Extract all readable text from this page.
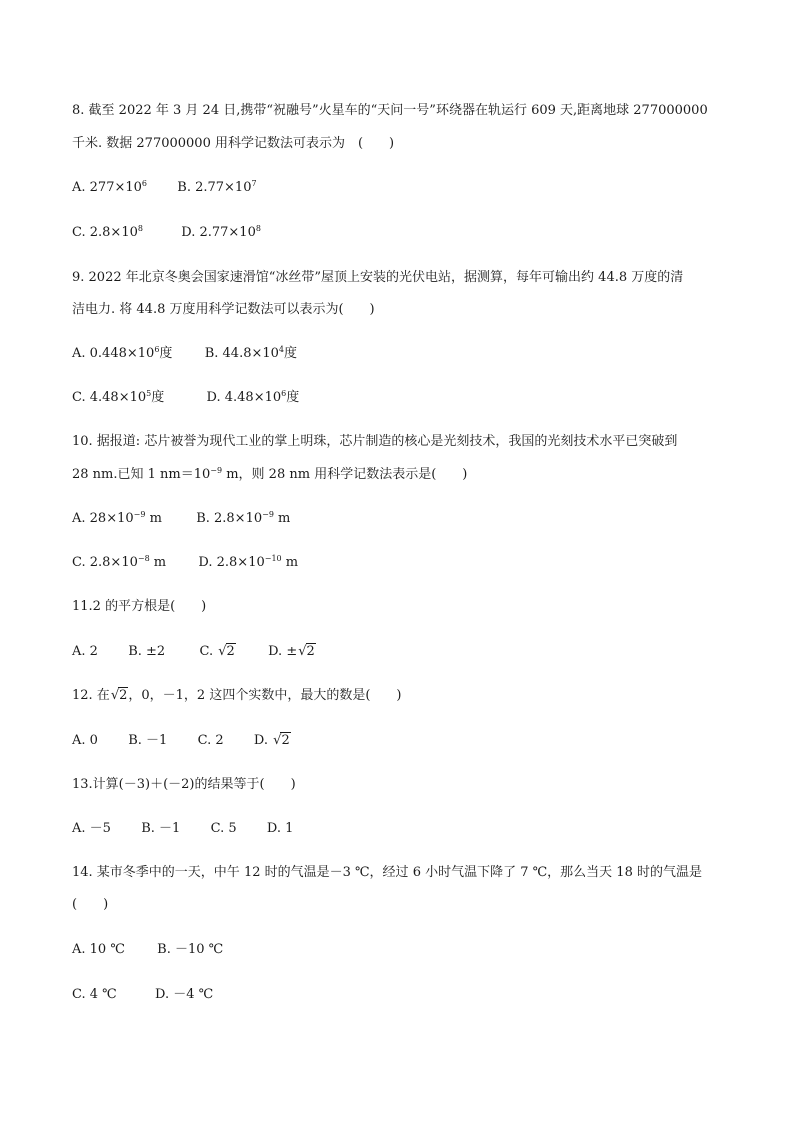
8. 截至 2022 年 3 月 24 日,携带“祝融号”火星车的“天问一号”环绕器在轨运行 609 天,距离地球 277000000
千米. 数据 277000000 用科学记数法可表示为　(　　)
A. $277\times 10^6$ B. $2.77\times 10^7$
C. $2.8\times 10^8$	D. $2.77\times 10^8$
9. 2022 年北京冬奥会国家速滑馆“冰丝带”屋顶上安装的光伏电站，据测算，每年可输出约 44.8 万度的清
洁电力. 将 44.8 万度用科学记数法可以表示为(　　)
A. $0.448\times 10^6$度 B. $44.8\times 10^4$度
C. $4.48\times 10^5$度	D. $4.48\times 10^6$度
10. 据报道: 芯片被誉为现代工业的掌上明珠，芯片制造的核心是光刻技术，我国的光刻技术水平已突破到
28 nm.已知 1 $nm=10^{-9}$ m，则 28 nm 用科学记数法表示是(　　)
A. $28\times 10^{-9}$ m	B. $2.8\times 10^{-9}$ m
C. $2.8\times 10^{-8}$ m D. $2.8\times 10^{-10}$ m
11.2 的平方根是(　　)
A. 2 B. ±2	C. √2	D. ±√2
12. 在√2，0，－1，2 这四个实数中，最大的数是(　　)
A. 0 B. －1 C. 2 D. √2
13.计算(－3)＋(－2)的结果等于(　　)
A. －5 B. －1 C. 5 D. 1
14. 某市冬季中的一天，中午 12 时的气温是－3 ℃，经过 6 小时气温下降了 7 ℃，那么当天 18 时的气温是
(　　)
A. 10 ℃ B. －10 ℃
C. 4 ℃	D. －4 ℃
